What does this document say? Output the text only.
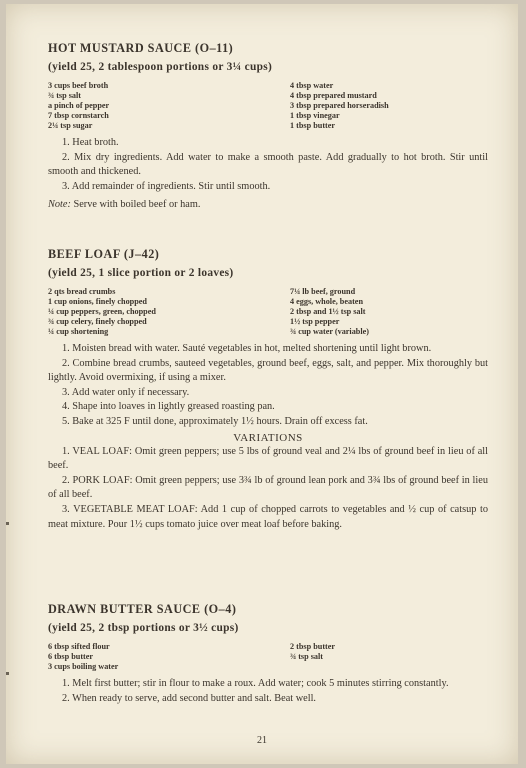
HOT MUSTARD SAUCE (O–11)
(yield 25, 2 tablespoon portions or 3¼ cups)
3 cups beef broth
¾ tsp salt
a pinch of pepper
7 tbsp cornstarch
2¼ tsp sugar
4 tbsp water
4 tbsp prepared mustard
3 tbsp prepared horseradish
1 tbsp vinegar
1 tbsp butter

1. Heat broth.

2. Mix dry ingredients. Add water to make a smooth paste. Add gradually to hot broth. Stir until smooth and thickened.

3. Add remainder of ingredients. Stir until smooth.

Note: Serve with boiled beef or ham.

BEEF LOAF (J–42)
(yield 25, 1 slice portion or 2 loaves)
2 qts bread crumbs
1 cup onions, finely chopped
¼ cup peppers, green, chopped
¾ cup celery, finely chopped
¼ cup shortening
7¼ lb beef, ground
4 eggs, whole, beaten
2 tbsp and 1½ tsp salt
1½ tsp pepper
¾ cup water (variable)

1. Moisten bread with water. Sauté vegetables in hot, melted shortening until light brown.

2. Combine bread crumbs, sauteed vegetables, ground beef, eggs, salt, and pepper. Mix thoroughly but lightly. Avoid overmixing, if using a mixer.

3. Add water only if necessary.

4. Shape into loaves in lightly greased roasting pan.

5. Bake at 325 F until done, approximately 1½ hours. Drain off excess fat.

VARIATIONS

1. VEAL LOAF: Omit green peppers; use 5 lbs of ground veal and 2¼ lbs of ground beef in lieu of all beef.

2. PORK LOAF: Omit green peppers; use 3¾ lb of ground lean pork and 3¾ lbs of ground beef in lieu of all beef.

3. VEGETABLE MEAT LOAF: Add 1 cup of chopped carrots to vegetables and ½ cup of catsup to meat mixture. Pour 1½ cups tomato juice over meat loaf before baking.

DRAWN BUTTER SAUCE (O–4)
(yield 25, 2 tbsp portions or 3½ cups)
6 tbsp sifted flour
6 tbsp butter
3 cups boiling water
2 tbsp butter
¾ tsp salt

1. Melt first butter; stir in flour to make a roux. Add water; cook 5 minutes stirring constantly.

2. When ready to serve, add second butter and salt. Beat well.

21
